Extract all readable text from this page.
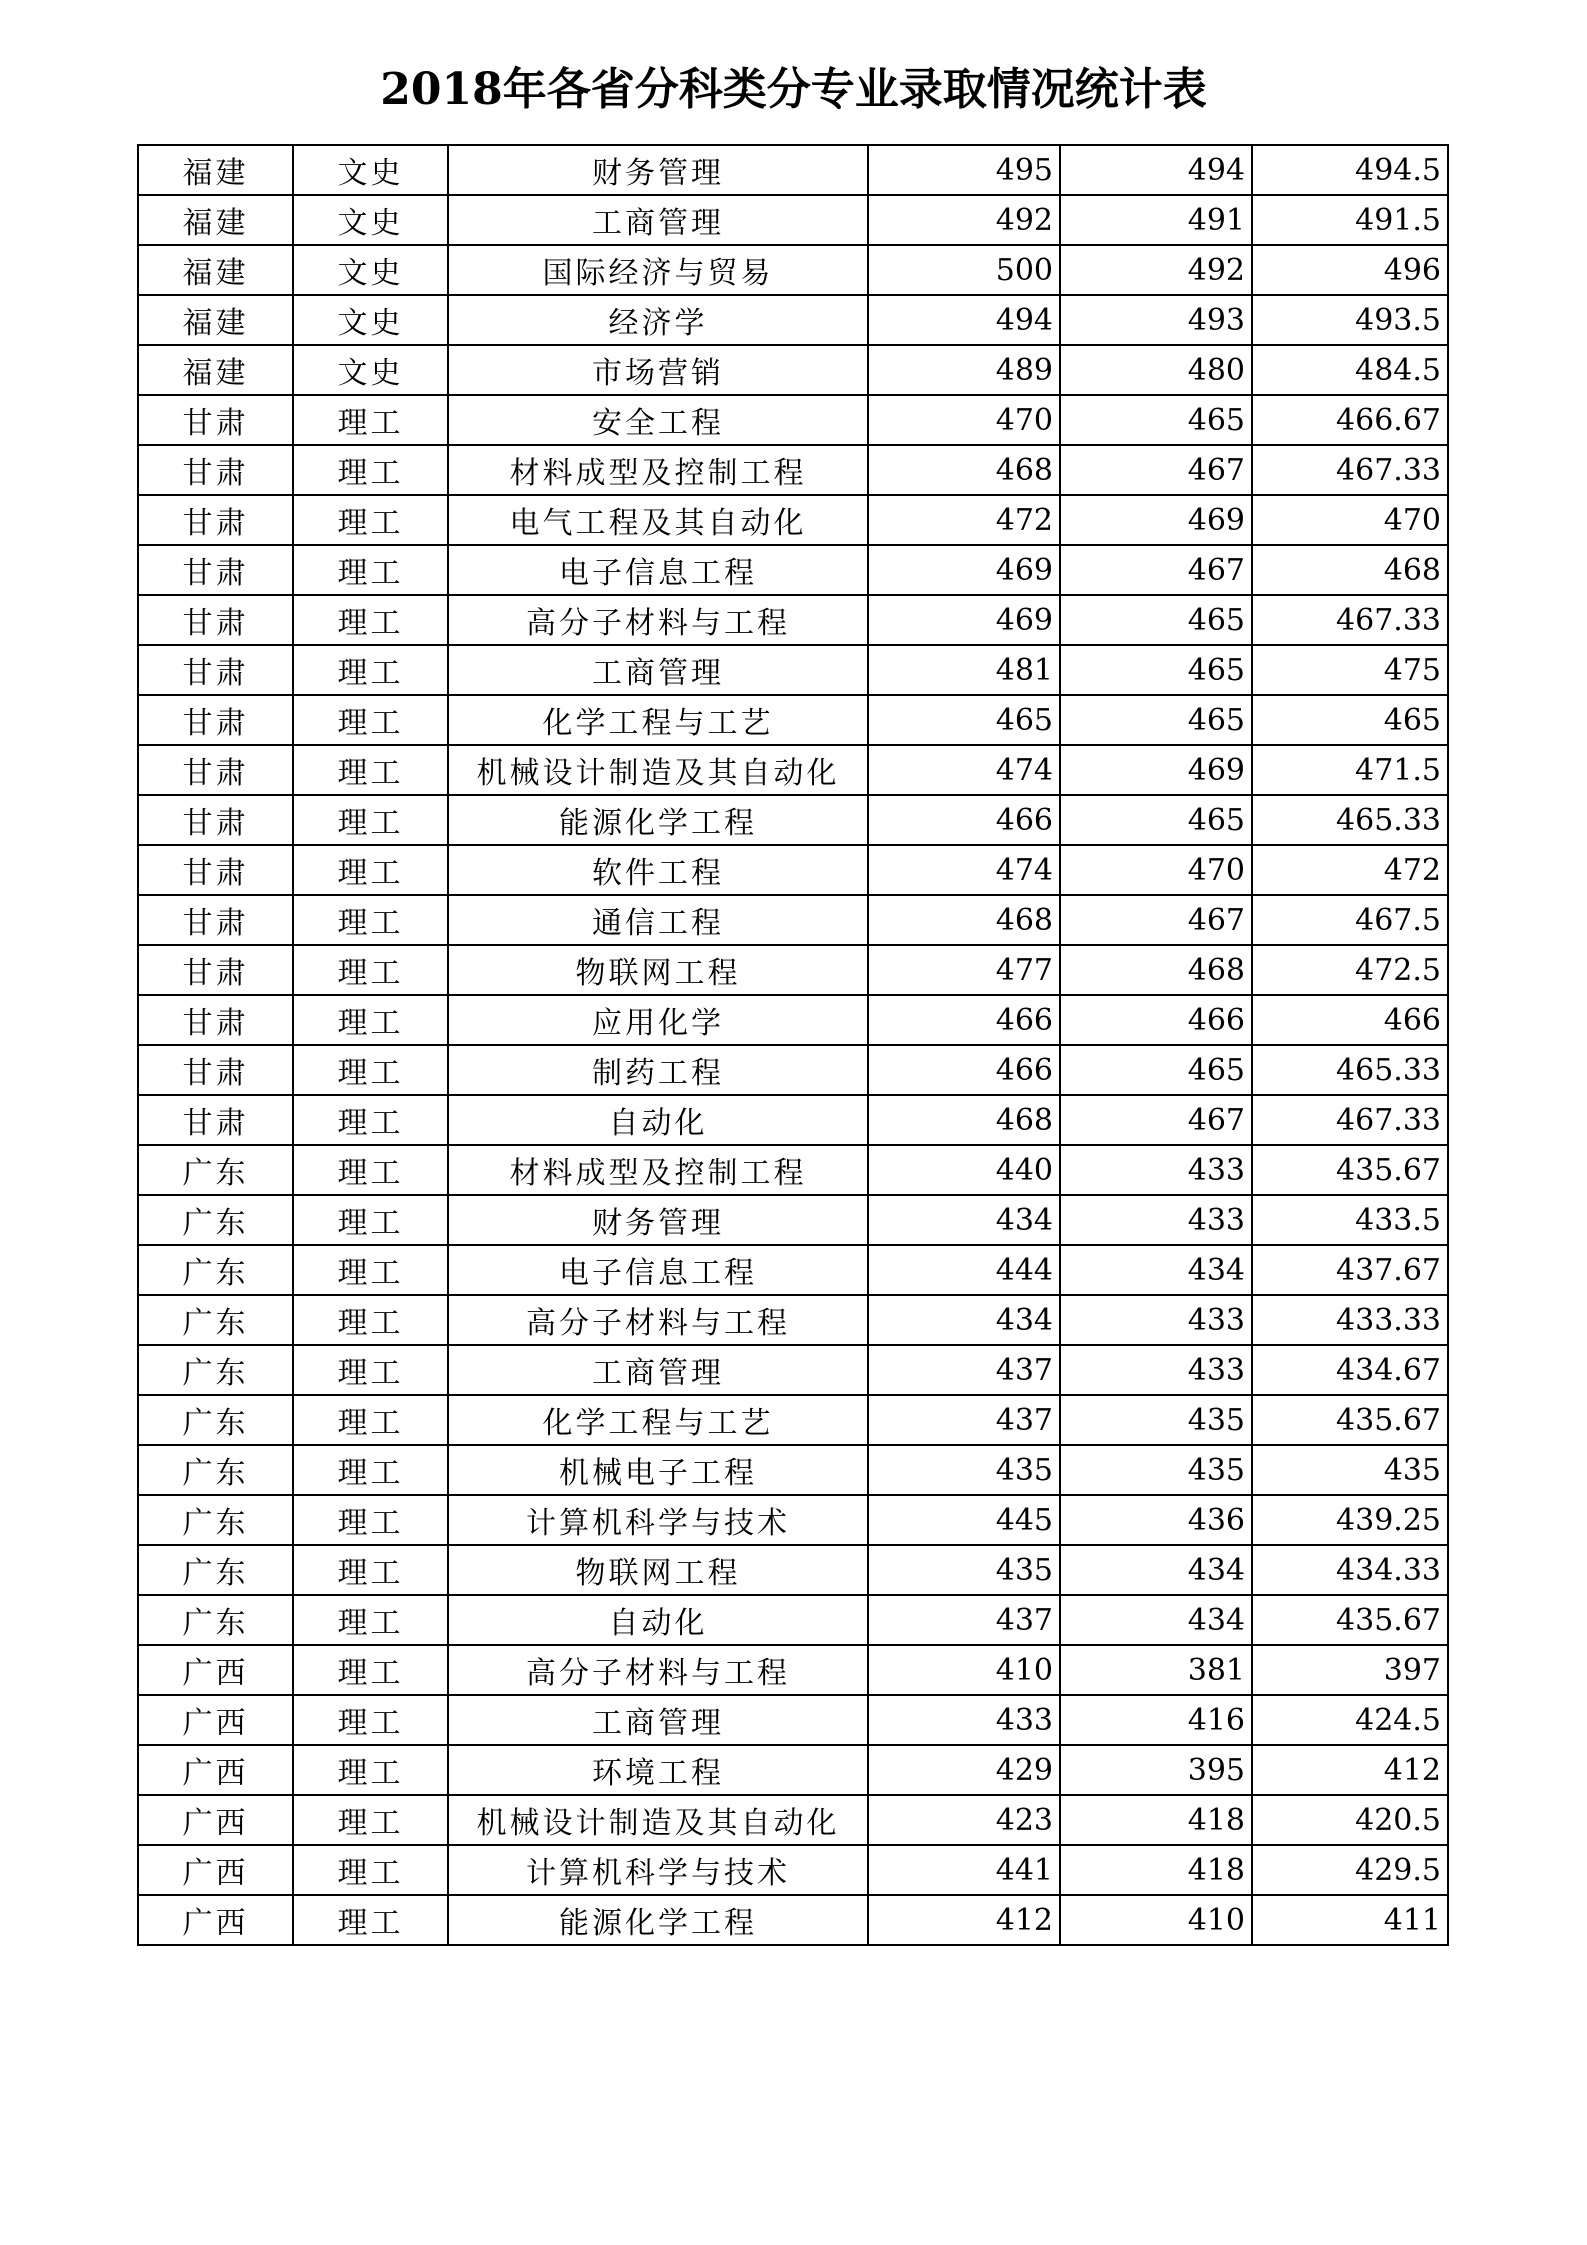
2018年各省分科类分专业录取情况统计表
福建	文史	财务管理	495	494	494.5
福建	文史	工商管理	492	491	491.5
福建	文史	国际经济与贸易	500	492	496
福建	文史	经济学	494	493	493.5
福建	文史	市场营销	489	480	484.5
甘肃	理工	安全工程	470	465	466.67
甘肃	理工	材料成型及控制工程	468	467	467.33
甘肃	理工	电气工程及其自动化	472	469	470
甘肃	理工	电子信息工程	469	467	468
甘肃	理工	高分子材料与工程	469	465	467.33
甘肃	理工	工商管理	481	465	475
甘肃	理工	化学工程与工艺	465	465	465
甘肃	理工	机械设计制造及其自动化	474	469	471.5
甘肃	理工	能源化学工程	466	465	465.33
甘肃	理工	软件工程	474	470	472
甘肃	理工	通信工程	468	467	467.5
甘肃	理工	物联网工程	477	468	472.5
甘肃	理工	应用化学	466	466	466
甘肃	理工	制药工程	466	465	465.33
甘肃	理工	自动化	468	467	467.33
广东	理工	材料成型及控制工程	440	433	435.67
广东	理工	财务管理	434	433	433.5
广东	理工	电子信息工程	444	434	437.67
广东	理工	高分子材料与工程	434	433	433.33
广东	理工	工商管理	437	433	434.67
广东	理工	化学工程与工艺	437	435	435.67
广东	理工	机械电子工程	435	435	435
广东	理工	计算机科学与技术	445	436	439.25
广东	理工	物联网工程	435	434	434.33
广东	理工	自动化	437	434	435.67
广西	理工	高分子材料与工程	410	381	397
广西	理工	工商管理	433	416	424.5
广西	理工	环境工程	429	395	412
广西	理工	机械设计制造及其自动化	423	418	420.5
广西	理工	计算机科学与技术	441	418	429.5
广西	理工	能源化学工程	412	410	411
